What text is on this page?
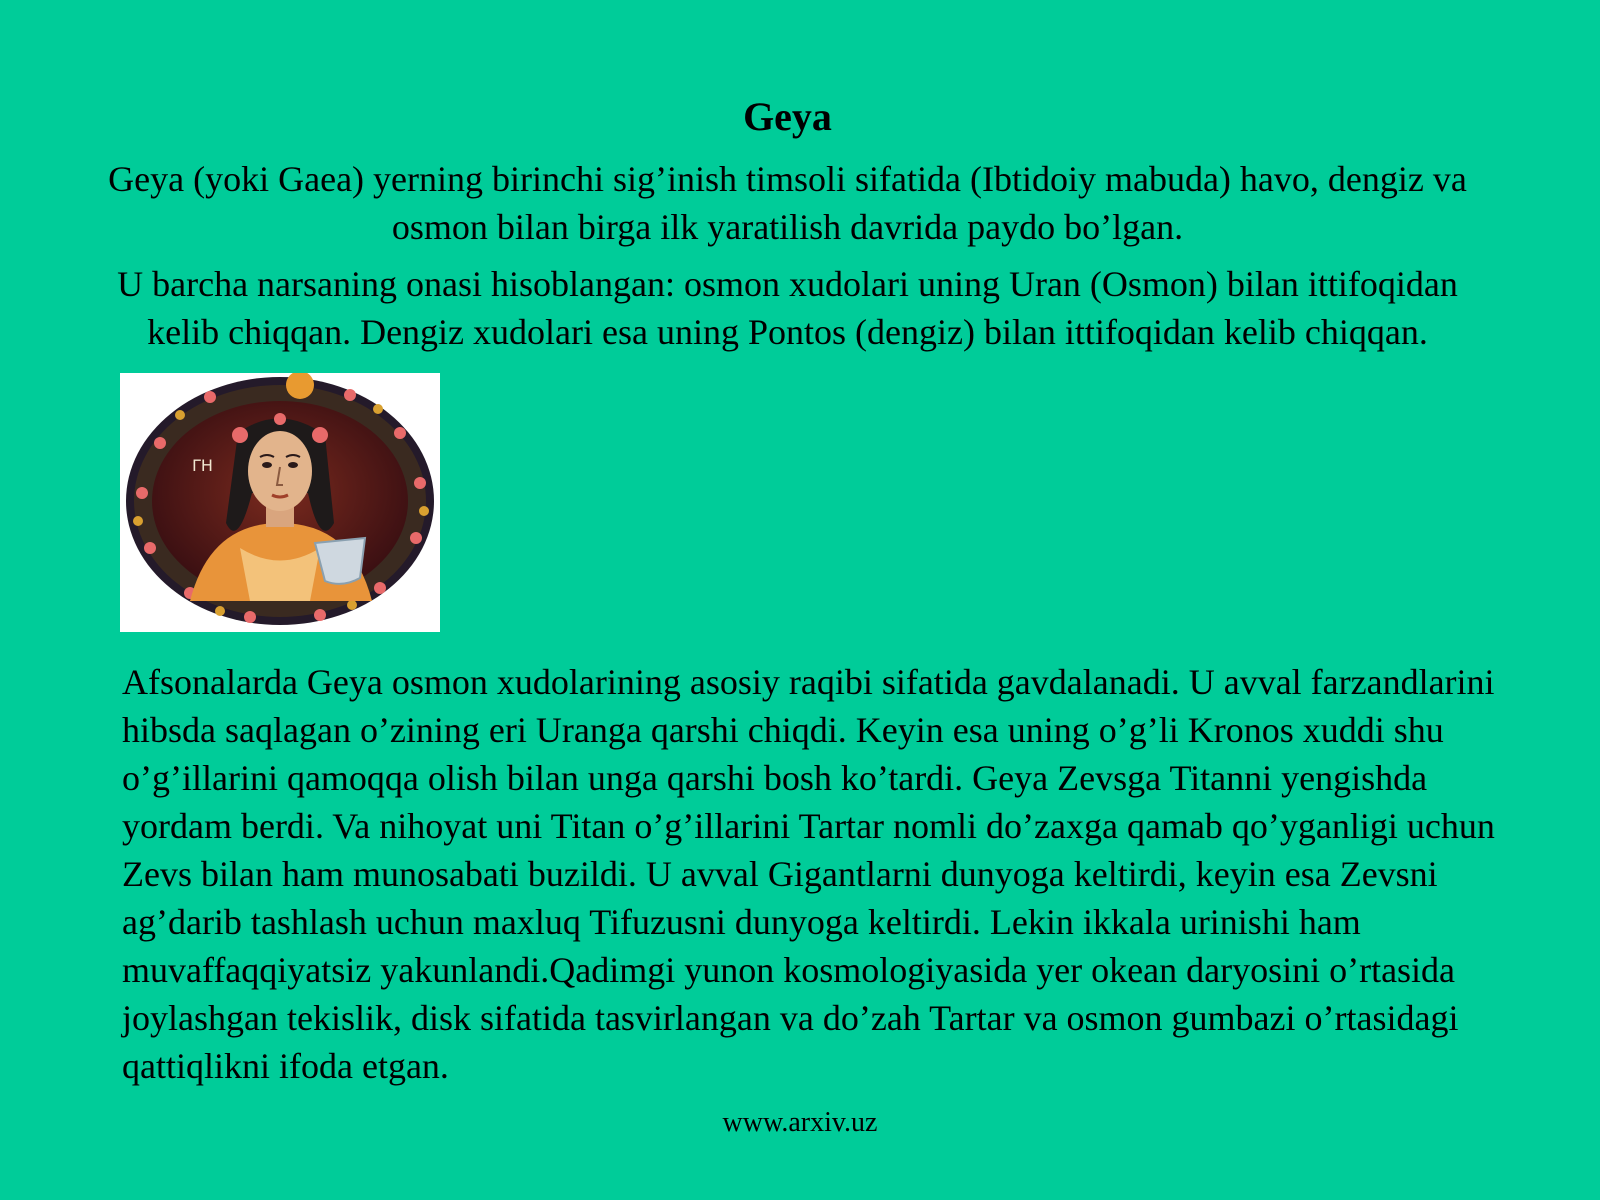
Geya

Geya (yoki Gaea) yerning birinchi sig’inish timsoli sifatida (Ibtidoiy mabuda) havo, dengiz va osmon bilan birga ilk yaratilish davrida paydo bo’lgan.

U barcha narsaning onasi hisoblangan: osmon xudolari uning Uran (Osmon) bilan ittifoqidan kelib chiqqan. Dengiz xudolari esa uning Pontos (dengiz) bilan ittifoqidan kelib chiqqan.

ΓΗ

Afsonalarda Geya osmon xudolarining asosiy raqibi sifatida gavdalanadi. U avval farzandlarini hibsda saqlagan o’zining eri Uranga qarshi chiqdi. Keyin esa uning o’g’li Kronos xuddi shu o’g’illarini qamoqqa olish bilan unga qarshi bosh ko’tardi. Geya Zevsga Titanni yengishda yordam berdi. Va nihoyat uni Titan o’g’illarini Tartar nomli do’zaxga qamab qo’yganligi uchun Zevs bilan ham munosabati buzildi. U avval Gigantlarni dunyoga keltirdi, keyin esa Zevsni ag’darib tashlash uchun maxluq Tifuzusni dunyoga keltirdi. Lekin ikkala urinishi ham muvaffaqqiyatsiz yakunlandi.Qadimgi yunon kosmologiyasida yer okean daryosini o’rtasida joylashgan tekislik, disk sifatida tasvirlangan va do’zah Tartar va osmon gumbazi o’rtasidagi qattiqlikni ifoda etgan.

www.arxiv.uz
